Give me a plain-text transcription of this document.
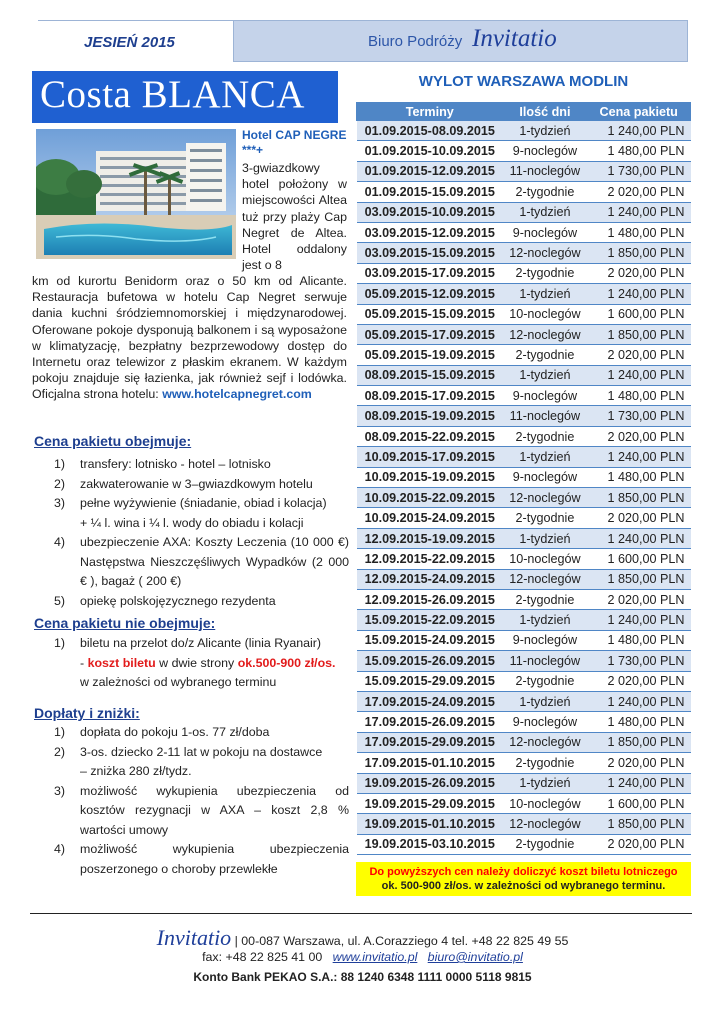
JESIEŃ 2015	Biuro Podróży Invitatio
Costa BLANCA
Hotel CAP NEGRE
***+
3-gwiazdkowy hotel położony w miejscowości Altea tuż przy plaży Cap Negret de Altea. Hotel oddalony jest o 8
km od kurortu Benidorm oraz o 50 km od Alicante. Restauracja bufetowa w hotelu Cap Negret serwuje dania kuchni śródziemnomorskiej i międzynarodowej. Oferowane pokoje dysponują balkonem i są wyposażone w klimatyzację, bezpłatny bezprzewodowy dostęp do Internetu oraz telewizor z płaskim ekranem. W każdym pokoju znajduje się łazienka, jak również sejf i lodówka. Oficjalna strona hotelu: www.hotelcapnegret.com
Cena pakietu obejmuje:
1) transfery: lotnisko - hotel – lotnisko
2) zakwaterowanie w 3–gwiazdkowym hotelu
3) pełne wyżywienie (śniadanie, obiad i kolacja)
+ ¼ l. wina i ¼ l. wody do obiadu i kolacji
4) ubezpieczenie AXA: Koszty Leczenia (10 000 €) Następstwa Nieszczęśliwych Wypadków (2 000 € ), bagaż ( 200 €)
5) opiekę polskojęzycznego rezydenta
Cena pakietu nie obejmuje:
1) biletu na przelot do/z Alicante (linia Ryanair)
- koszt biletu w dwie strony ok.500-900 zł/os.
w zależności od wybranego terminu
Dopłaty i zniżki:
1) dopłata do pokoju 1-os. 77 zł/doba
2) 3-os. dziecko 2-11 lat w pokoju na dostawce
– zniżka 280 zł/tydz.
3) możliwość wykupienia ubezpieczenia od kosztów rezygnacji w AXA – koszt 2,8 % wartości umowy
4) możliwość wykupienia ubezpieczenia poszerzonego o choroby przewlekłe
WYLOT WARSZAWA MODLIN
Terminy	Ilość dni	Cena pakietu
01.09.2015-08.09.2015	1-tydzień	1 240,00 PLN
01.09.2015-10.09.2015	9-noclegów	1 480,00 PLN
01.09.2015-12.09.2015	11-noclegów	1 730,00 PLN
01.09.2015-15.09.2015	2-tygodnie	2 020,00 PLN
03.09.2015-10.09.2015	1-tydzień	1 240,00 PLN
03.09.2015-12.09.2015	9-noclegów	1 480,00 PLN
03.09.2015-15.09.2015	12-noclegów	1 850,00 PLN
03.09.2015-17.09.2015	2-tygodnie	2 020,00 PLN
05.09.2015-12.09.2015	1-tydzień	1 240,00 PLN
05.09.2015-15.09.2015	10-noclegów	1 600,00 PLN
05.09.2015-17.09.2015	12-noclegów	1 850,00 PLN
05.09.2015-19.09.2015	2-tygodnie	2 020,00 PLN
08.09.2015-15.09.2015	1-tydzień	1 240,00 PLN
08.09.2015-17.09.2015	9-noclegów	1 480,00 PLN
08.09.2015-19.09.2015	11-noclegów	1 730,00 PLN
08.09.2015-22.09.2015	2-tygodnie	2 020,00 PLN
10.09.2015-17.09.2015	1-tydzień	1 240,00 PLN
10.09.2015-19.09.2015	9-noclegów	1 480,00 PLN
10.09.2015-22.09.2015	12-noclegów	1 850,00 PLN
10.09.2015-24.09.2015	2-tygodnie	2 020,00 PLN
12.09.2015-19.09.2015	1-tydzień	1 240,00 PLN
12.09.2015-22.09.2015	10-noclegów	1 600,00 PLN
12.09.2015-24.09.2015	12-noclegów	1 850,00 PLN
12.09.2015-26.09.2015	2-tygodnie	2 020,00 PLN
15.09.2015-22.09.2015	1-tydzień	1 240,00 PLN
15.09.2015-24.09.2015	9-noclegów	1 480,00 PLN
15.09.2015-26.09.2015	11-noclegów	1 730,00 PLN
15.09.2015-29.09.2015	2-tygodnie	2 020,00 PLN
17.09.2015-24.09.2015	1-tydzień	1 240,00 PLN
17.09.2015-26.09.2015	9-noclegów	1 480,00 PLN
17.09.2015-29.09.2015	12-noclegów	1 850,00 PLN
17.09.2015-01.10.2015	2-tygodnie	2 020,00 PLN
19.09.2015-26.09.2015	1-tydzień	1 240,00 PLN
19.09.2015-29.09.2015	10-noclegów	1 600,00 PLN
19.09.2015-01.10.2015	12-noclegów	1 850,00 PLN
19.09.2015-03.10.2015	2-tygodnie	2 020,00 PLN
Do powyższych cen należy doliczyć koszt biletu lotniczego
ok. 500-900 zł/os. w zależności od wybranego terminu.
Invitatio | 00-087 Warszawa, ul. A.Corazziego 4 tel. +48 22 825 49 55
fax: +48 22 825 41 00 www.invitatio.pl biuro@invitatio.pl
Konto Bank PEKAO S.A.: 88 1240 6348 1111 0000 5118 9815
